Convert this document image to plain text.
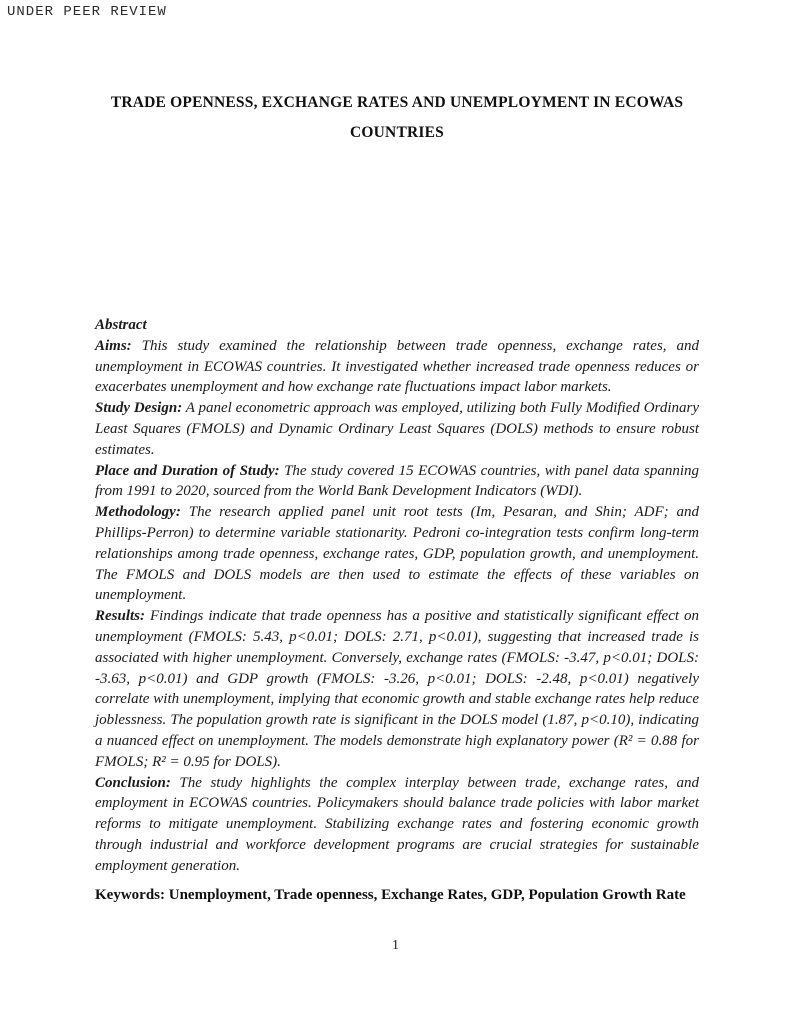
UNDER PEER REVIEW
TRADE OPENNESS, EXCHANGE RATES AND UNEMPLOYMENT IN ECOWAS
COUNTRIES
Abstract

Aims: This study examined the relationship between trade openness, exchange rates, and unemployment in ECOWAS countries. It investigated whether increased trade openness reduces or exacerbates unemployment and how exchange rate fluctuations impact labor markets.

Study Design: A panel econometric approach was employed, utilizing both Fully Modified Ordinary Least Squares (FMOLS) and Dynamic Ordinary Least Squares (DOLS) methods to ensure robust estimates.

Place and Duration of Study: The study covered 15 ECOWAS countries, with panel data spanning from 1991 to 2020, sourced from the World Bank Development Indicators (WDI).

Methodology: The research applied panel unit root tests (Im, Pesaran, and Shin; ADF; and Phillips-Perron) to determine variable stationarity. Pedroni co-integration tests confirm long-term relationships among trade openness, exchange rates, GDP, population growth, and unemployment. The FMOLS and DOLS models are then used to estimate the effects of these variables on unemployment.

Results: Findings indicate that trade openness has a positive and statistically significant effect on unemployment (FMOLS: 5.43, p<0.01; DOLS: 2.71, p<0.01), suggesting that increased trade is associated with higher unemployment. Conversely, exchange rates (FMOLS: -3.47, p<0.01; DOLS: -3.63, p<0.01) and GDP growth (FMOLS: -3.26, p<0.01; DOLS: -2.48, p<0.01) negatively correlate with unemployment, implying that economic growth and stable exchange rates help reduce joblessness. The population growth rate is significant in the DOLS model (1.87, p<0.10), indicating a nuanced effect on unemployment. The models demonstrate high explanatory power (R² = 0.88 for FMOLS; R² = 0.95 for DOLS).

Conclusion: The study highlights the complex interplay between trade, exchange rates, and employment in ECOWAS countries. Policymakers should balance trade policies with labor market reforms to mitigate unemployment. Stabilizing exchange rates and fostering economic growth through industrial and workforce development programs are crucial strategies for sustainable employment generation.

Keywords: Unemployment, Trade openness, Exchange Rates, GDP, Population Growth Rate

1
